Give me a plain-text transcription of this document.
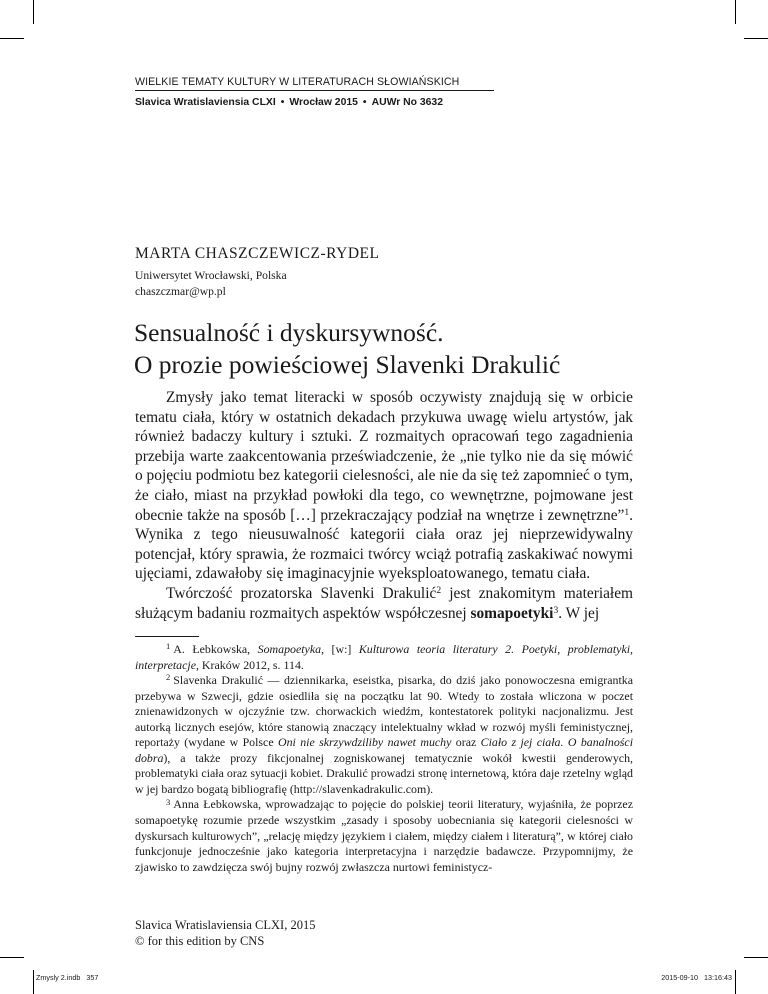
WIELKIE TEMATY KULTURY W LITERATURACH SŁOWIAŃSKICH
Slavica Wratislaviensia CLXI • Wrocław 2015 • AUWr No 3632
MARTA CHASZCZEWICZ-RYDEL
Uniwersytet Wrocławski, Polska
chaszczmar@wp.pl
Sensualność i dyskursywność.
O prozie powieściowej Slavenki Drakulić

Zmysły jako temat literacki w sposób oczywisty znajdują się w orbicie tematu ciała, który w ostatnich dekadach przykuwa uwagę wielu artystów, jak również badaczy kultury i sztuki. Z rozmaitych opracowań tego zagadnienia przebija warte zaakcentowania przeświadczenie, że „nie tylko nie da się mówić o pojęciu podmiotu bez kategorii cielesności, ale nie da się też zapomnieć o tym, że ciało, miast na przykład powłoki dla tego, co wewnętrzne, pojmowane jest obecnie także na sposób […] przekraczający podział na wnętrze i zewnętrzne”$^1$. Wynika z tego nieusuwalność kategorii ciała oraz jej nieprzewidywalny potencjał, który sprawia, że rozmaici twórcy wciąż potrafią zaskakiwać nowymi ujęciami, zdawałoby się imaginacyjnie wyeksploatowanego, tematu ciała.

Twórczość prozatorska Slavenki Drakulić$^2$ jest znakomitym materiałem służącym badaniu rozmaitych aspektów współczesnej somapoetyki$^3$. W jej

$^1$ A. Łebkowska, Somapoetyka, [w:] Kulturowa teoria literatury 2. Poetyki, problematyki, interpretacje, Kraków 2012, s. 114.

$^2$ Slavenka Drakulić — dziennikarka, eseistka, pisarka, do dziś jako ponowoczesna emigrantka przebywa w Szwecji, gdzie osiedliła się na początku lat 90. Wtedy to została wliczona w poczet znienawidzonych w ojczyźnie tzw. chorwackich wiedźm, kontestatorek polityki nacjonalizmu. Jest autorką licznych esejów, które stanowią znaczący intelektualny wkład w rozwój myśli feministycznej, reportaży (wydane w Polsce Oni nie skrzywdziliby nawet muchy oraz Ciało z jej ciała. O banalności dobra), a także prozy fikcjonalnej zogniskowanej tematycznie wokół kwestii genderowych, problematyki ciała oraz sytuacji kobiet. Drakulić prowadzi stronę internetową, która daje rzetelny wgląd w jej bardzo bogatą bibliografię (http://slavenkadrakulic.com).

$^3$ Anna Łebkowska, wprowadzając to pojęcie do polskiej teorii literatury, wyjaśniła, że poprzez somapoetykę rozumie przede wszystkim „zasady i sposoby uobecniania się kategorii cielesności w dyskursach kulturowych”, „relację między językiem i ciałem, między ciałem i literaturą”, w której ciało funkcjonuje jednocześnie jako kategoria interpretacyjna i narzędzie badawcze. Przypomnijmy, że zjawisko to zawdzięcza swój bujny rozwój zwłaszcza nurtowi feministycz-

Slavica Wratislaviensia CLXI, 2015
© for this edition by CNS
Zmysly 2.indb   357	2015-09-10   13:16:43
